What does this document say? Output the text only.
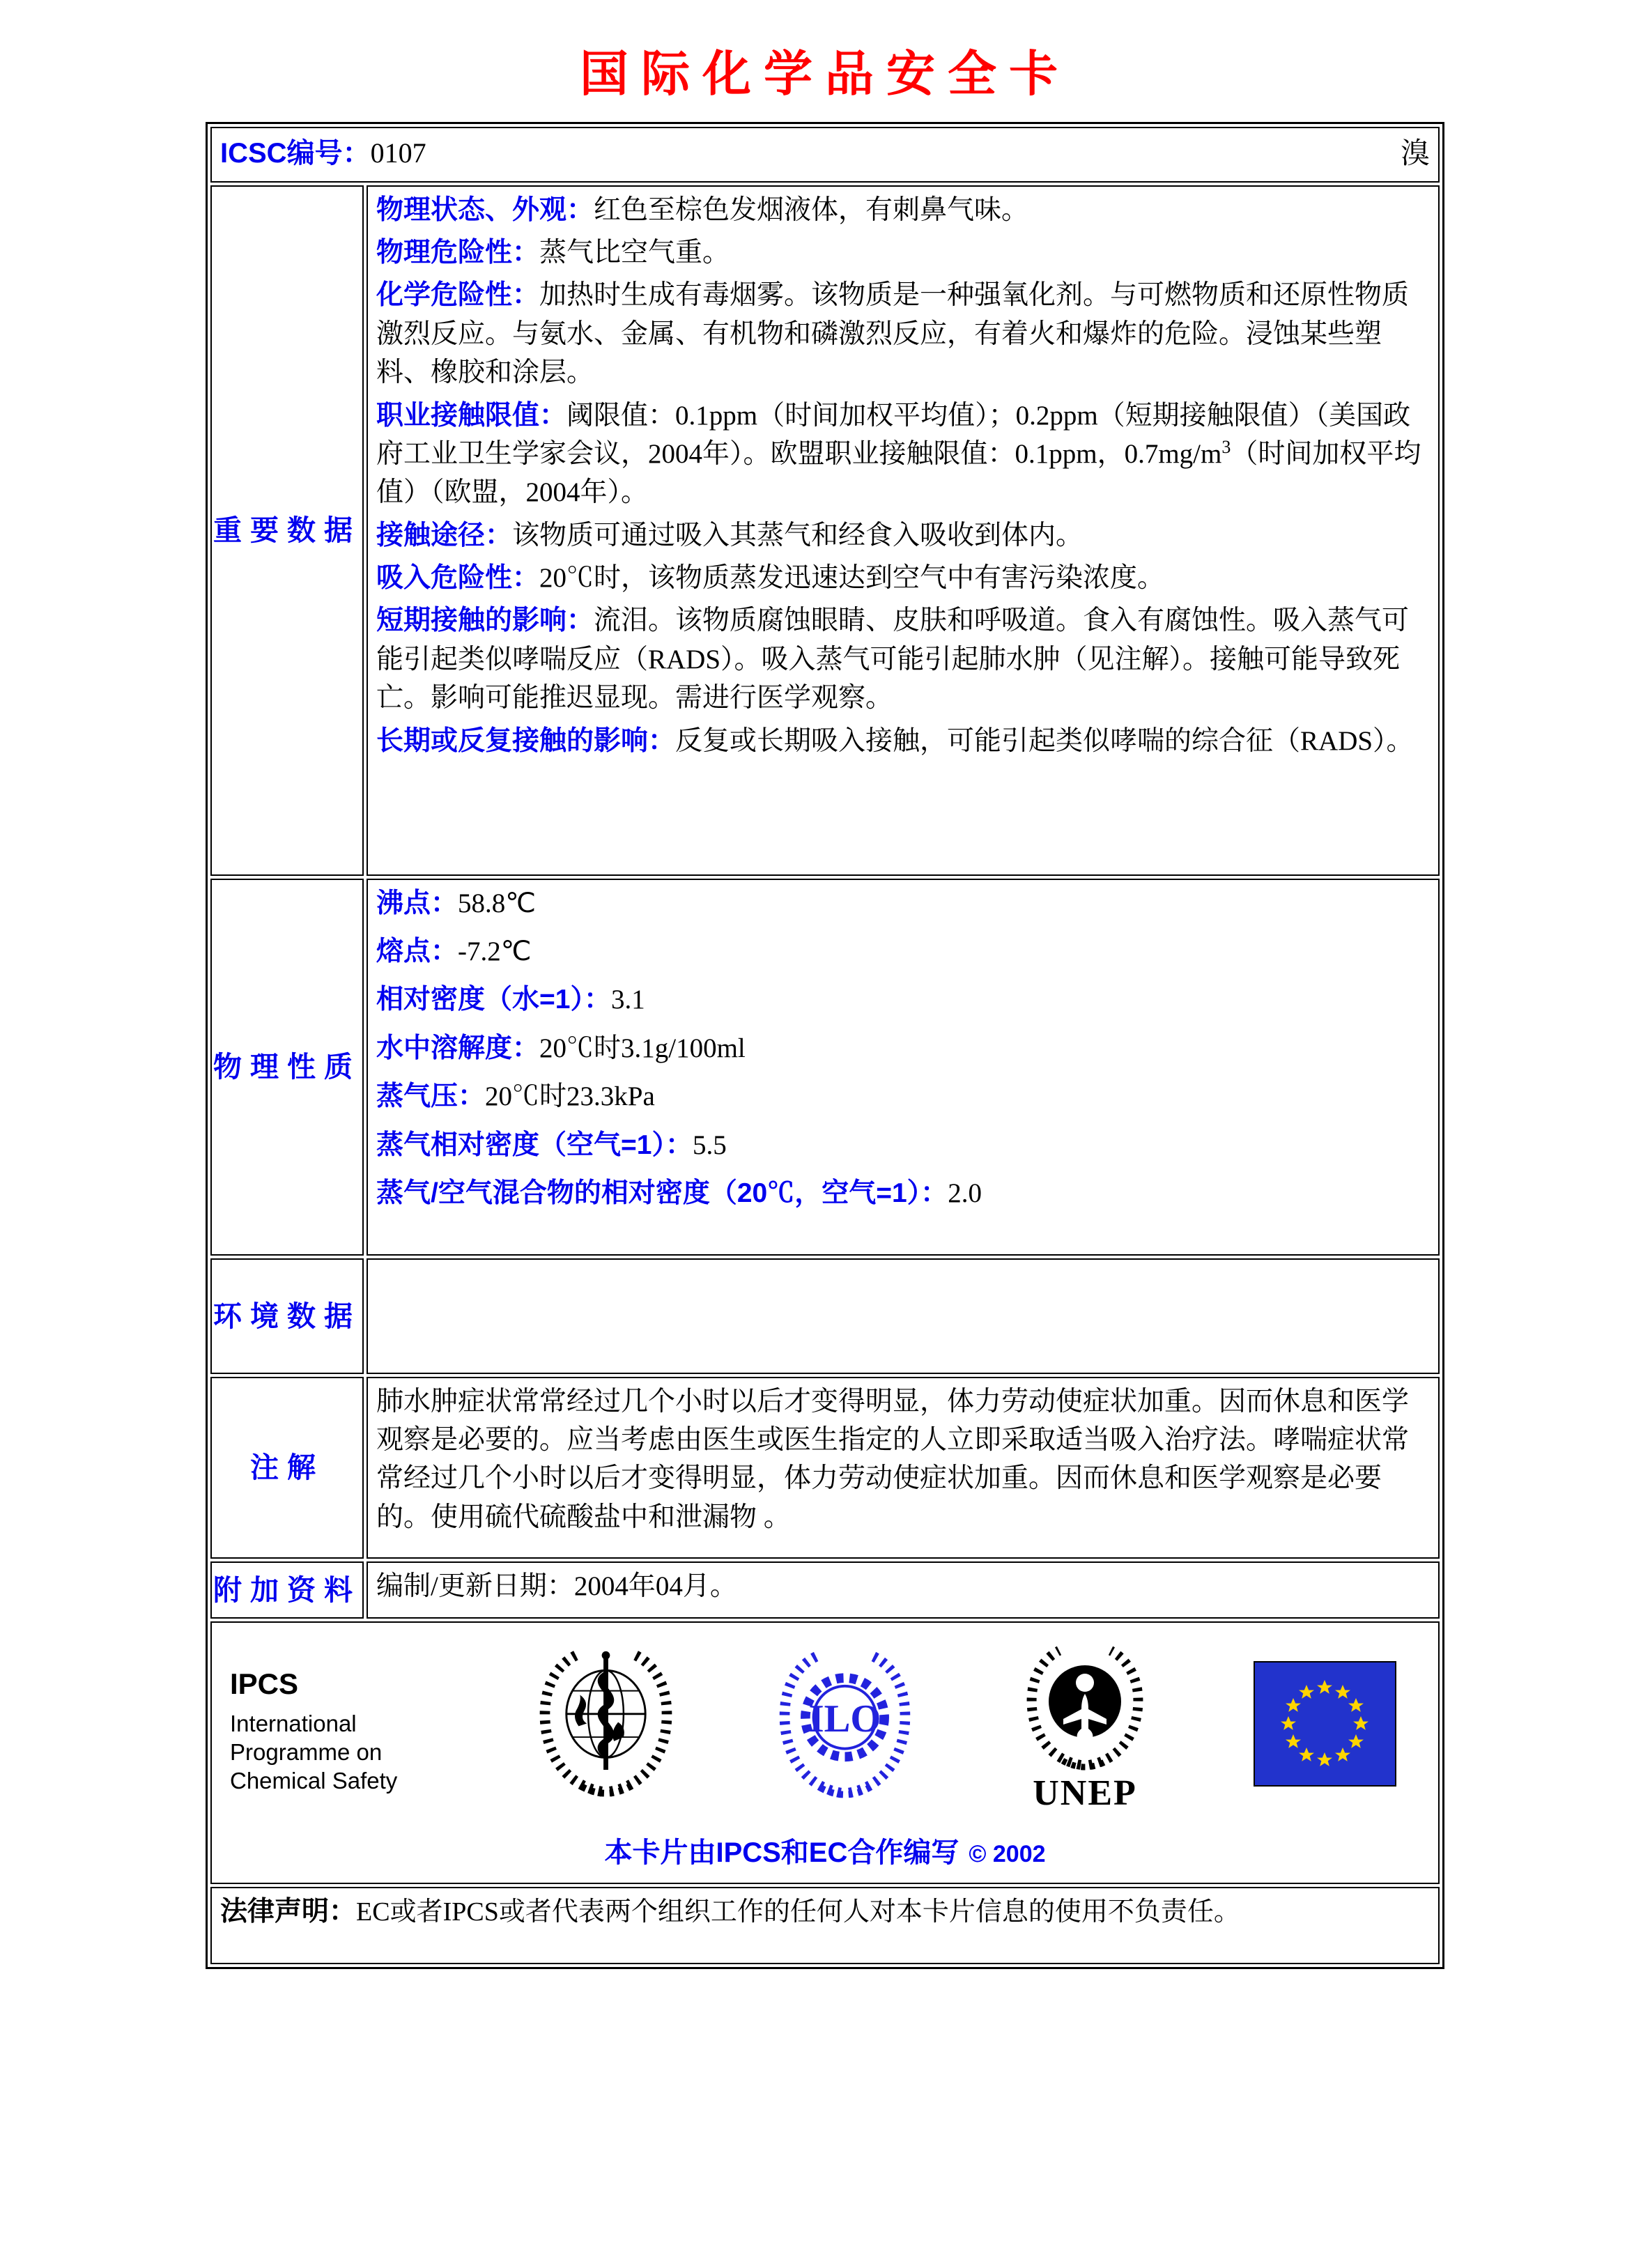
国际化学品安全卡
ICSC编号：0107 溴	

重要数据	
物理状态、外观：红色至棕色发烟液体，有刺鼻气味。
物理危险性：蒸气比空气重。
化学危险性：加热时生成有毒烟雾。该物质是一种强氧化剂。与可燃物质和还原性物质激烈反应。与氨水、金属、有机物和磷激烈反应，有着火和爆炸的危险。浸蚀某些塑料、橡胶和涂层。
职业接触限值：阈限值：0.1ppm（时间加权平均值）；0.2ppm（短期接触限值）（美国政府工业卫生学家会议，2004年）。欧盟职业接触限值：0.1ppm，$0.7mg/m^3$（时间加权平均值）（欧盟，2004年）。
接触途径：该物质可通过吸入其蒸气和经食入吸收到体内。
吸入危险性：20℃时，该物质蒸发迅速达到空气中有害污染浓度。
短期接触的影响：流泪。该物质腐蚀眼睛、皮肤和呼吸道。食入有腐蚀性。吸入蒸气可能引起类似哮喘反应（RADS）。吸入蒸气可能引起肺水肿（见注解）。接触可能导致死亡。影响可能推迟显现。需进行医学观察。
长期或反复接触的影响：反复或长期吸入接触，可能引起类似哮喘的综合征（RADS）。

物理性质	
沸点：58.8℃
熔点：-7.2℃
相对密度（水=1）：3.1
水中溶解度：20℃时3.1g/100ml
蒸气压：20℃时23.3kPa
蒸气相对密度（空气=1）：5.5
蒸气/空气混合物的相对密度（20℃，空气=1）：2.0

环境数据	
注解	肺水肿症状常常经过几个小时以后才变得明显，体力劳动使症状加重。因而休息和医学观察是必要的。应当考虑由医生或医生指定的人立即采取适当吸入治疗法。哮喘症状常常经过几个小时以后才变得明显，体力劳动使症状加重。因而休息和医学观察是必要的。使用硫代硫酸盐中和泄漏物 。
附加资料	编制/更新日期：2004年04月。

IPCS
International
Programme on
Chemical Safety
ILO
UNEP
本卡片由IPCS和EC合作编写 © 2002

法律声明：EC或者IPCS或者代表两个组织工作的任何人对本卡片信息的使用不负责任。	
